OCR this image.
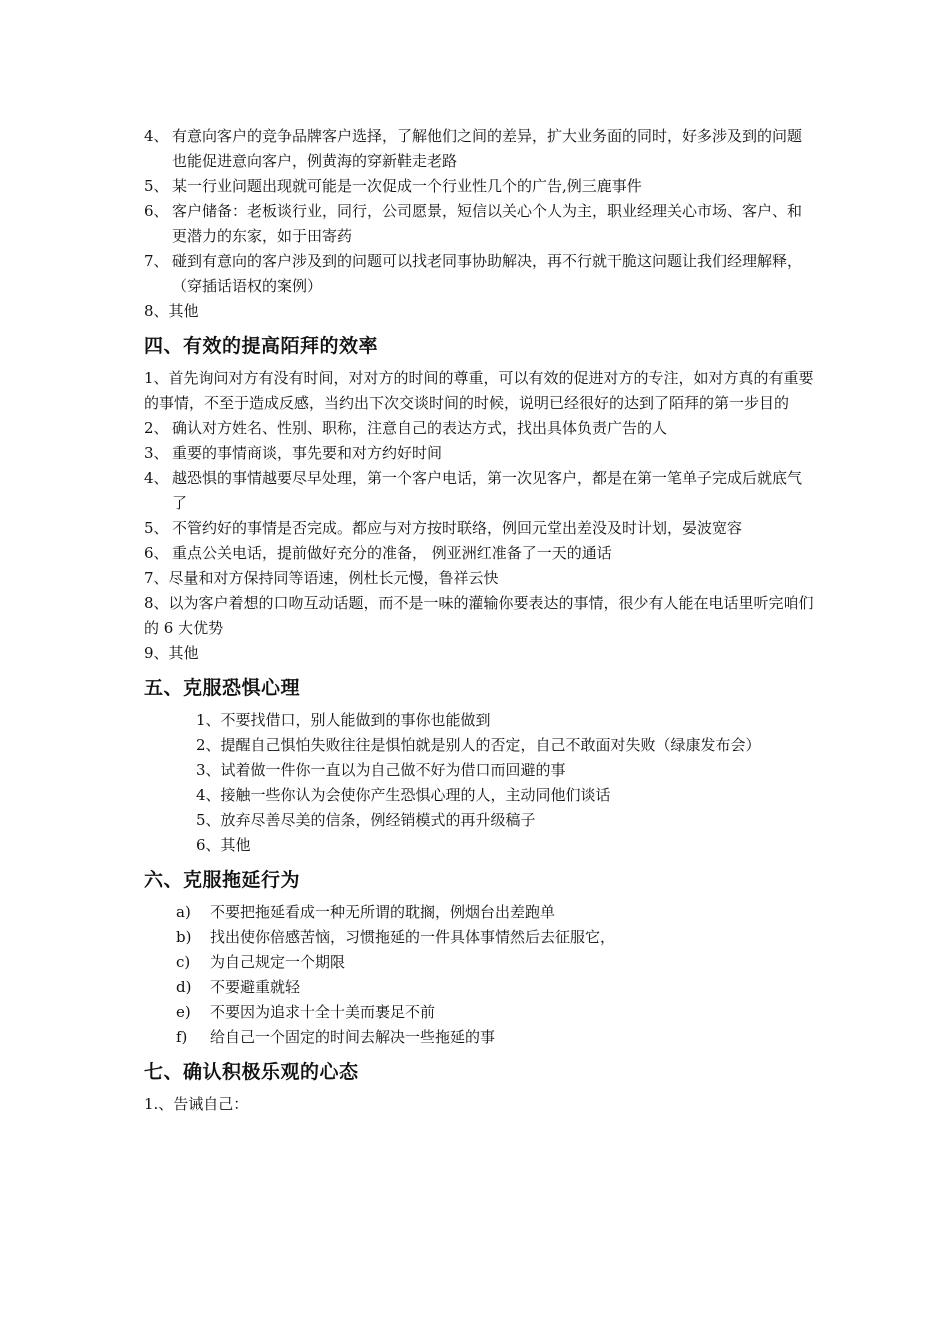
4、 有意向客户的竞争品牌客户选择，了解他们之间的差异，扩大业务面的同时，好多涉及到的问题也能促进意向客户，例黄海的穿新鞋走老路
5、 某一行业问题出现就可能是一次促成一个行业性几个的广告,例三鹿事件
6、 客户储备：老板谈行业，同行，公司愿景，短信以关心个人为主，职业经理关心市场、客户、和更潜力的东家，如于田寄药
7、 碰到有意向的客户涉及到的问题可以找老同事协助解决，再不行就干脆这问题让我们经理解释，（穿插话语权的案例）

8、其他

四、有效的提高陌拜的效率

1、首先询问对方有没有时间，对对方的时间的尊重，可以有效的促进对方的专注，如对方真的有重要的事情，不至于造成反感，当约出下次交谈时间的时候，说明已经很好的达到了陌拜的第一步目的

2、 确认对方姓名、性别、职称，注意自己的表达方式，找出具体负责广告的人
3、 重要的事情商谈，事先要和对方约好时间
4、 越恐惧的事情越要尽早处理，第一个客户电话，第一次见客户，都是在第一笔单子完成后就底气了
5、 不管约好的事情是否完成。都应与对方按时联络，例回元堂出差没及时计划，晏波宽容
6、 重点公关电话，提前做好充分的准备， 例亚洲红准备了一天的通话

7、尽量和对方保持同等语速，例杜长元慢，鲁祥云快

8、以为客户着想的口吻互动话题，而不是一味的灌输你要表达的事情，很少有人能在电话里听完咱们的 6 大优势

9、其他

五、克服恐惧心理

1、不要找借口，别人能做到的事你也能做到

2、提醒自己惧怕失败往往是惧怕就是别人的否定，自己不敢面对失败（绿康发布会）

3、试着做一件你一直以为自己做不好为借口而回避的事

4、接触一些你认为会使你产生恐惧心理的人，主动同他们谈话

5、放弃尽善尽美的信条，例经销模式的再升级稿子

6、其他

六、克服拖延行为
a) 不要把拖延看成一种无所谓的耽搁，例烟台出差跑单
b) 找出使你倍感苦恼，习惯拖延的一件具体事情然后去征服它，
c) 为自己规定一个期限
d) 不要避重就轻
e) 不要因为追求十全十美而裹足不前
f) 给自己一个固定的时间去解决一些拖延的事
七、确认积极乐观的心态

1.、告诫自己：
